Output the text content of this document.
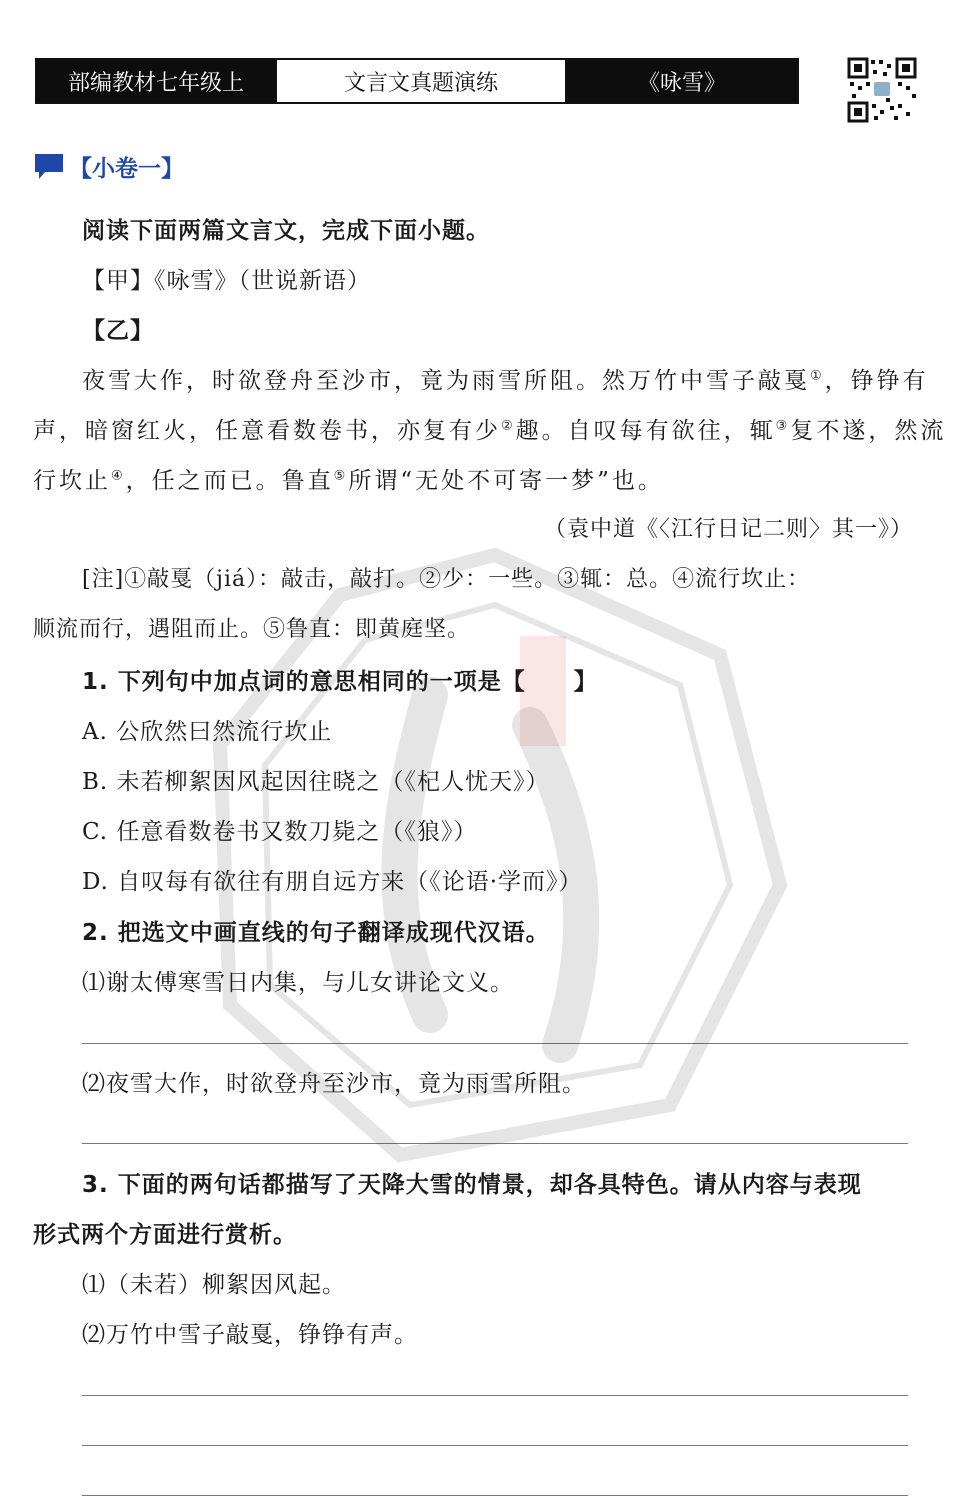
部编教材七年级上	文言文真题演练	《咏雪》
【小卷一】
阅读下面两篇文言文，完成下面小题。
【甲】《咏雪》（世说新语）
【乙】
夜雪大作，时欲登舟至沙市，竟为雨雪所阻。然万竹中雪子敲戛①，铮铮有
声，暗窗红火，任意看数卷书，亦复有少②趣。自叹每有欲往，辄③复不遂，然流
行坎止④，任之而已。鲁直⑤所谓“无处不可寄一梦”也。
（袁中道《〈江行日记二则〉其一》）
[注]①敲戛（jiá）：敲击，敲打。②少：一些。③辄：总。④流行坎止：
顺流而行，遇阻而止。⑤鲁直：即黄庭坚。
1. 下列句中加点词的意思相同的一项是【　　】
A. 公欣然曰然流行坎止
B. 未若柳絮因风起因往晓之（《杞人忧天》）
C. 任意看数卷书又数刀毙之（《狼》）
D. 自叹每有欲往有朋自远方来（《论语·学而》）
2. 把选文中画直线的句子翻译成现代汉语。
⑴谢太傅寒雪日内集，与儿女讲论文义。
⑵夜雪大作，时欲登舟至沙市，竟为雨雪所阻。
3. 下面的两句话都描写了天降大雪的情景，却各具特色。请从内容与表现
形式两个方面进行赏析。
⑴（未若）柳絮因风起。
⑵万竹中雪子敲戛，铮铮有声。
